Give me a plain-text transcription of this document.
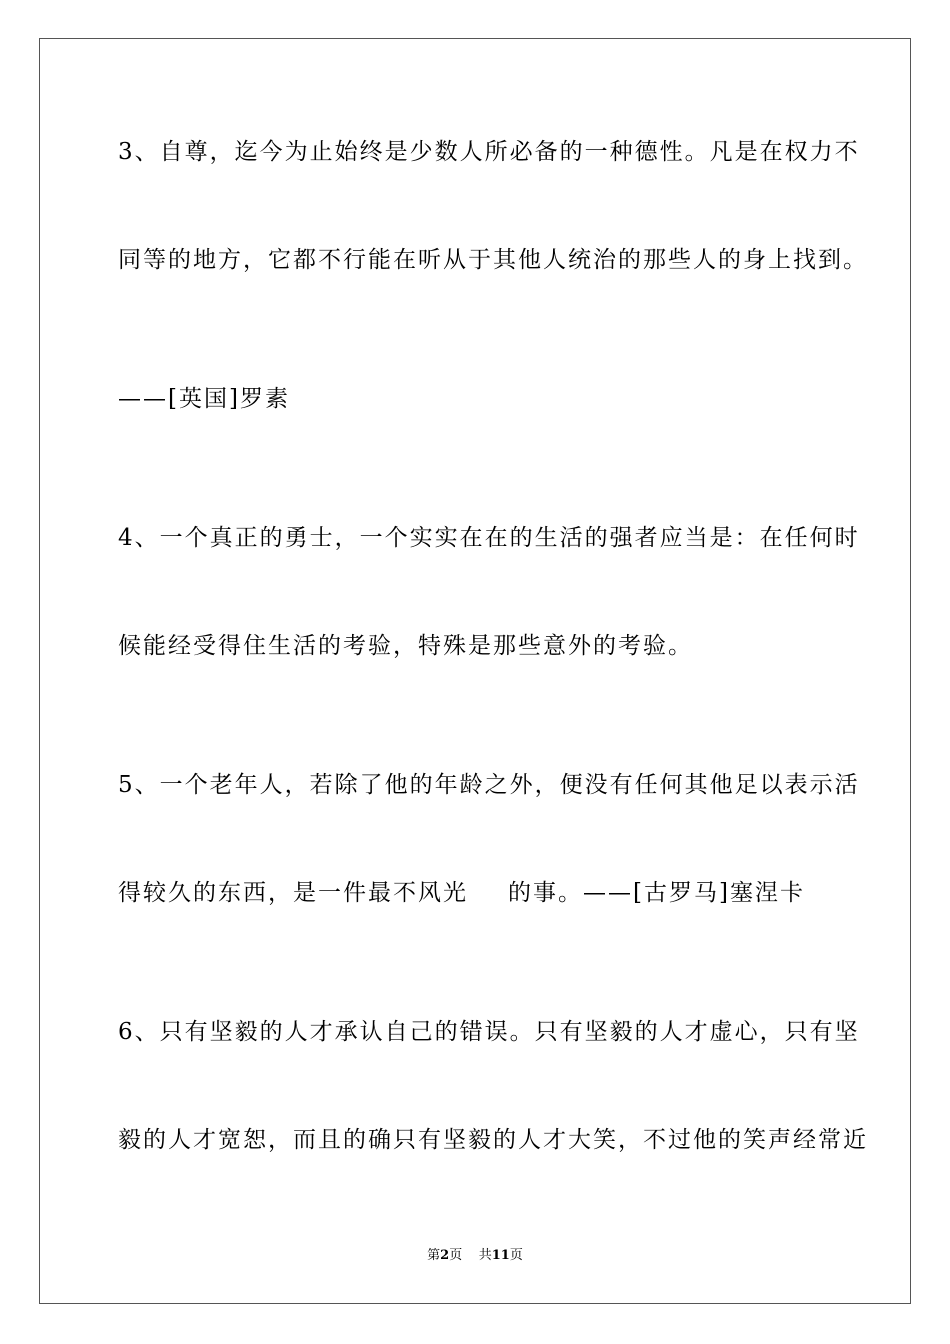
3、自尊，迄今为止始终是少数人所必备的一种德性。凡是在权力不
同等的地方，它都不行能在听从于其他人统治的那些人的身上找到。
——[英国]罗素
4、一个真正的勇士，一个实实在在的生活的强者应当是：在任何时
候能经受得住生活的考验，特殊是那些意外的考验。
5、一个老年人，若除了他的年龄之外，便没有任何其他足以表示活
得较久的东西，是一件最不风光 的事。——[古罗马]塞涅卡
6、只有坚毅的人才承认自己的错误。只有坚毅的人才虚心，只有坚
毅的人才宽恕，而且的确只有坚毅的人才大笑，不过他的笑声经常近
第2页 共11页
